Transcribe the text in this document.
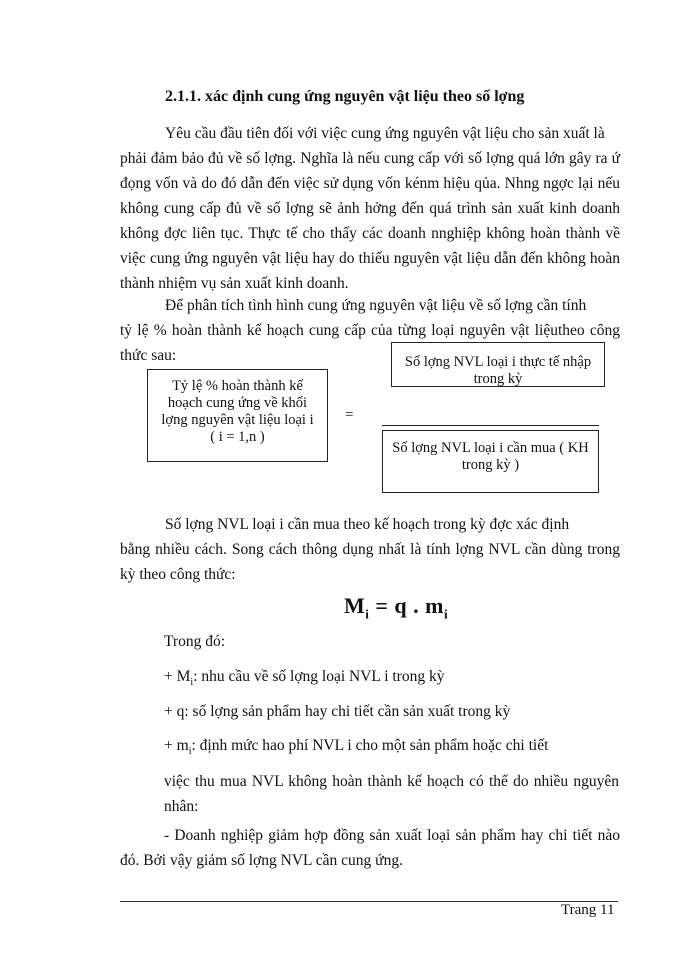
2.1.1. xác định cung ứng nguyên vật liệu theo số lợng

Yêu cầu đầu tiên đối với việc cung ứng nguyên vật liệu cho sản xuất là
phải đảm bảo đủ về số lợng. Nghĩa là nếu cung cấp với số lợng quá lớn gây ra ứ đọng vốn và do đó dẫn đến việc sử dụng vốn kénm hiệu qủa. Nhng ngợc lại nếu không cung cấp đủ về số lợng sẽ ảnh hởng đến quá trình sản xuất kinh doanh không đợc liên tục. Thực tế cho thấy các doanh nnghiệp không hoàn thành về việc cung ứng nguyên vật liệu hay do thiếu nguyên vật liệu dẫn đến không hoàn thành nhiệm vụ sản xuất kinh doanh.

Để phân tích tình hình cung ứng nguyên vật liệu về số lợng cần tính
tỷ lệ % hoàn thành kế hoạch cung cấp của từng loại nguyên vật liệutheo công thức sau:

Tỷ lệ % hoàn thành kế hoạch cung ứng về khối lợng nguyên vật liệu loại i ( i = 1,n )
=
Số lợng NVL loại i thực tế nhập trong kỳ
Số lợng NVL loại i cần mua ( KH trong kỳ )

Số lợng NVL loại i cần mua theo kế hoạch trong kỳ đợc xác định
bằng nhiều cách. Song cách thông dụng nhất là tính lợng NVL cần dùng trong kỳ theo công thức:

$M_i = q$ . $m_i$
Trong đó:
+ $M_i$: nhu cầu về số lợng loại NVL i trong kỳ
+ q: số lợng sản phẩm hay chi tiết cần sản xuất trong kỳ
+ $m_i$: định mức hao phí NVL i cho một sản phẩm hoặc chi tiết

việc thu mua NVL không hoàn thành kế hoạch có thể do nhiều nguyên nhân:

- Doanh nghiệp giảm hợp đồng sản xuất loại sản phẩm hay chi tiết nào đó. Bởi vậy giảm số lợng NVL cần cung ứng.

Trang 11
